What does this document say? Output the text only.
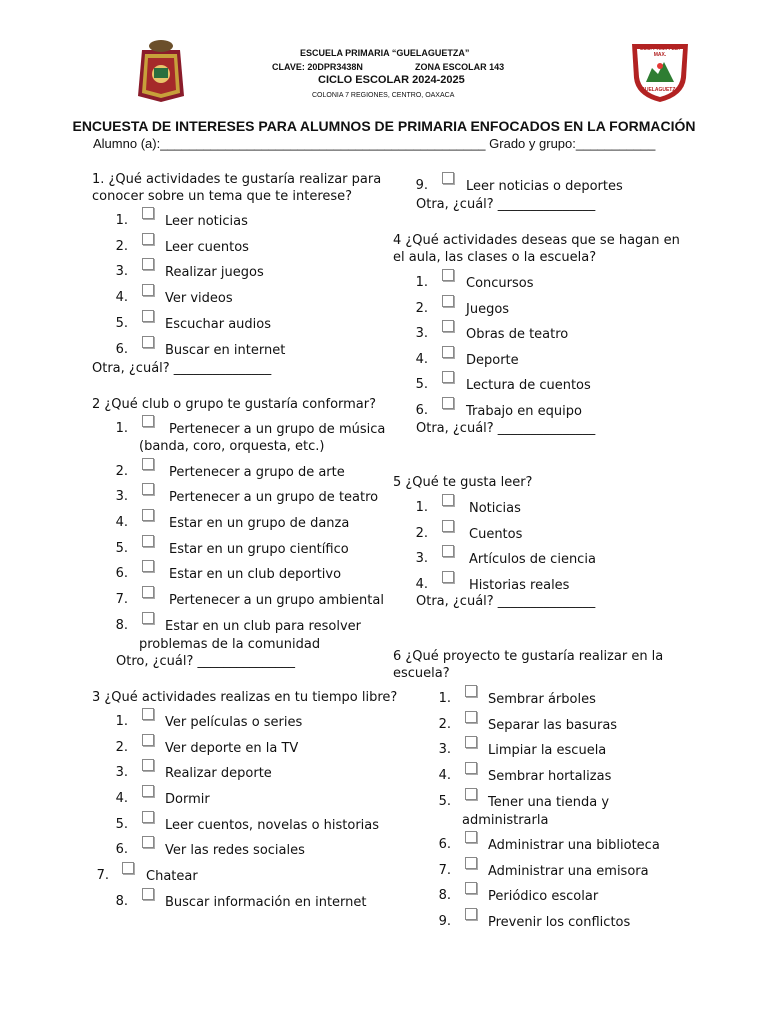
ESCUELA PRIMARIA “GUELAGUETZA”
CLAVE: 20DPR3438N	ZONA ESCOLAR 143
CICLO ESCOLAR 2024-2025
COLONIA 7 REGIONES, CENTRO, OAXACA
ESC. PRIM. FED. MAX.
GUELAGUETZA
ENCUESTA DE INTERESES PARA ALUMNOS DE PRIMARIA ENFOCADOS EN LA FORMACIÓN
Alumno (a):_____________________________________________ Grado y grupo:___________
1. ¿Qué actividades te gustaría realizar para conocer sobre un tema que te interese?
1.	Leer noticias
2.	Leer cuentos
3.	Realizar juegos
4.	Ver videos
5.	Escuchar audios
6.	Buscar en internet
Otra, ¿cuál? _______________
2 ¿Qué club o grupo te gustaría conformar?
1.	Pertenecer a un grupo de música
(banda, coro, orquesta, etc.)
2.	Pertenecer a grupo de arte
3.	Pertenecer a un grupo de teatro
4.	Estar en un grupo de danza
5.	Estar en un grupo científico
6.	Estar en un club deportivo
7.	Pertenecer a un grupo ambiental
8.	Estar en un club para resolver
problemas de la comunidad
Otro, ¿cuál? _______________
3 ¿Qué actividades realizas en tu tiempo libre?
1.	Ver películas o series
2.	Ver deporte en la TV
3.	Realizar deporte
4.	Dormir
5.	Leer cuentos, novelas o historias
6.	Ver las redes sociales
7.	Chatear
8.	Buscar información en internet
9.	Leer noticias o deportes
Otra, ¿cuál? _______________
4 ¿Qué actividades deseas que se hagan en el aula, las clases o la escuela?
1.	Concursos
2.	Juegos
3.	Obras de teatro
4.	Deporte
5.	Lectura de cuentos
6.	Trabajo en equipo
Otra, ¿cuál? _______________
5 ¿Qué te gusta leer?
1.	Noticias
2.	Cuentos
3.	Artículos de ciencia
4.	Historias reales
Otra, ¿cuál? _______________
6 ¿Qué proyecto te gustaría realizar en la escuela?
1.	Sembrar árboles
2.	Separar las basuras
3.	Limpiar la escuela
4.	Sembrar hortalizas
5.	Tener una tienda y
administrarla
6.	Administrar una biblioteca
7.	Administrar una emisora
8.	Periódico escolar
9.	Prevenir los conflictos
